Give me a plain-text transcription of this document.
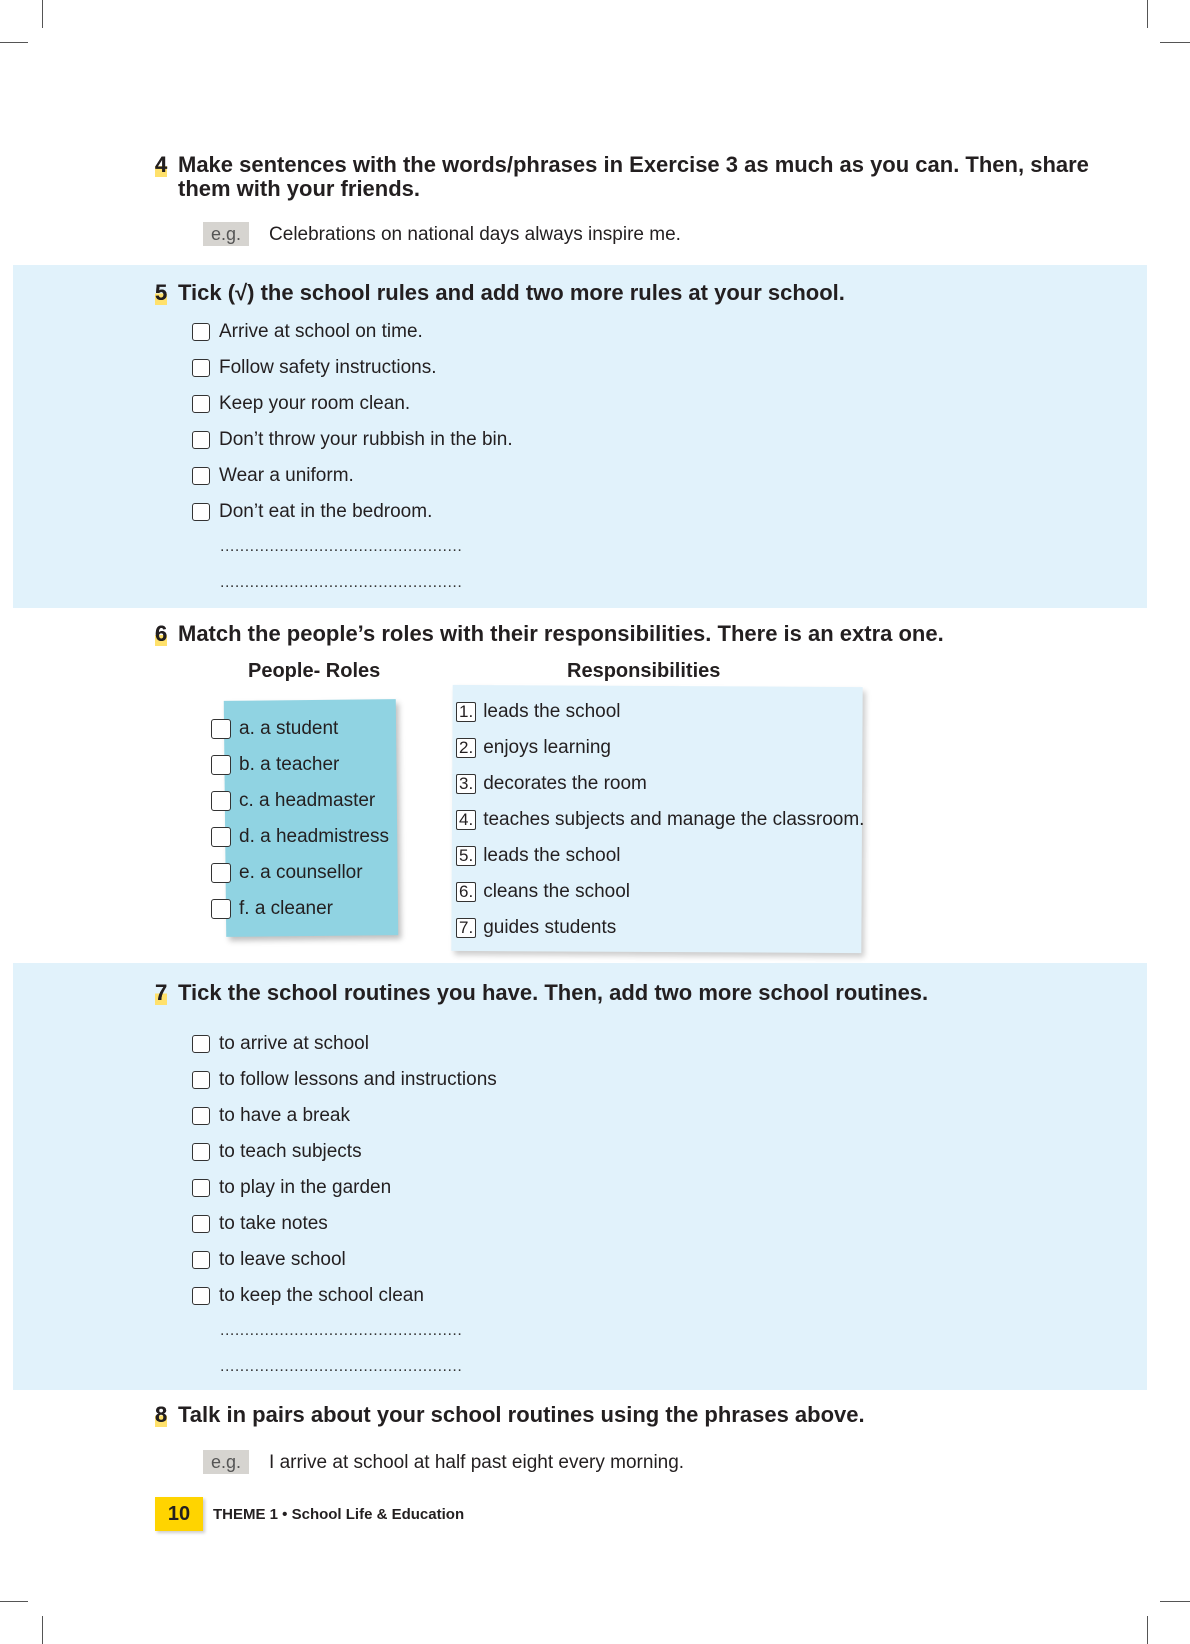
4 Make sentences with the words/phrases in Exercise 3 as much as you can. Then, share
them with your friends.
e.g. Celebrations on national days always inspire me.
5 Tick (√) the school rules and add two more rules at your school.
Arrive at school on time.
Follow safety instructions.
Keep your room clean.
Don’t throw your rubbish in the bin.
Wear a uniform.
Don’t eat in the bedroom.
.................................................
.................................................
6 Match the people’s roles with their responsibilities. There is an extra one.
People- Roles	Responsibilities
a. a student
b. a teacher
c. a headmaster
d. a headmistress
e. a counsellor
f. a cleaner
1. leads the school
2. enjoys learning
3. decorates the room
4. teaches subjects and manage the classroom.
5. leads the school
6. cleans the school
7. guides students
7 Tick the school routines you have. Then, add two more school routines.
to arrive at school
to follow lessons and instructions
to have a break
to teach subjects
to play in the garden
to take notes
to leave school
to keep the school clean
.................................................
.................................................
8 Talk in pairs about your school routines using the phrases above.
e.g. I arrive at school at half past eight every morning.
10	THEME 1 • School Life & Education
